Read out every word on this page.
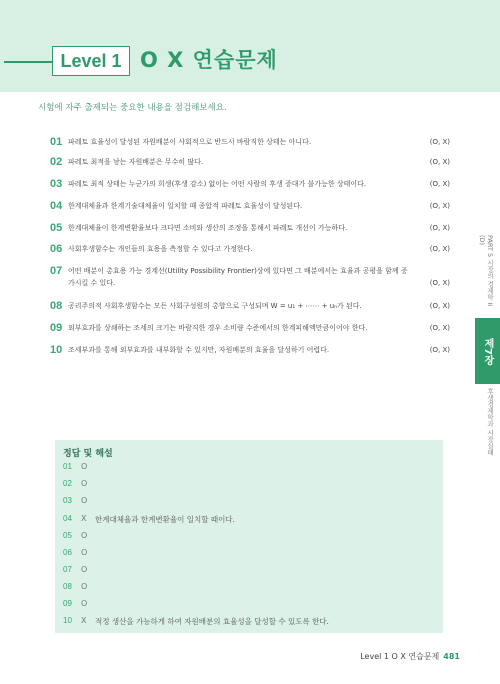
Level 1 O X 연습문제
시험에 자주 출제되는 중요한 내용을 점검해보세요.
01 파레토 효율성이 달성된 자원배분이 사회적으로 반드시 바람직한 상태는 아니다.	(O, X)
02 파레토 최적을 낳는 자원배분은 무수히 많다.	(O, X)
03 파레토 최적 상태는 누군가의 희생(후생 감소) 없이는 어떤 사람의 후생 증대가 불가능한 상태이다.	(O, X)
04 한계대체율과 한계기술대체율이 일치할 때 종합적 파레토 효율성이 달성된다.	(O, X)
05 한계대체율이 한계변환율보다 크다면 소비와 생산의 조정을 통해서 파레토 개선이 가능하다.	(O, X)
06 사회후생함수는 개인들의 효용을 측정할 수 있다고 가정한다.	(O, X)
07 어떤 배분이 총효용 가능 경계선(Utility Possibility Frontier)상에 있다면 그 배분에서는 효율과 공평을 함께 증가시킬 수 있다.	(O, X)
08 공리주의적 사회후생함수는 모든 사회구성원의 총합으로 구성되며 W = u₁ + ⋯⋯ + uₙ가 된다.	(O, X)
09 외부효과를 상쇄하는 조세의 크기는 바람직한 경우 소비량 수준에서의 한계피해액만큼이어야 한다.	(O, X)
10 조세부과를 통해 외부효과를 내부화할 수 있지만, 자원배분의 효율을 달성하기 어렵다.	(O, X)
정답 및 해설
01	O
02	O
03	O
04	X	한계대체율과 한계변환율이 일치할 때이다.
05	O
06	O
07	O
08	O
09	O
10	X	적정 생산을 가능하게 하여 자원배분의 효율성을 달성할 수 있도록 한다.
PART 5 시장의 경제학 II (D)
제7장
후생경제학과 시장실패
Level 1 O X 연습문제 481
